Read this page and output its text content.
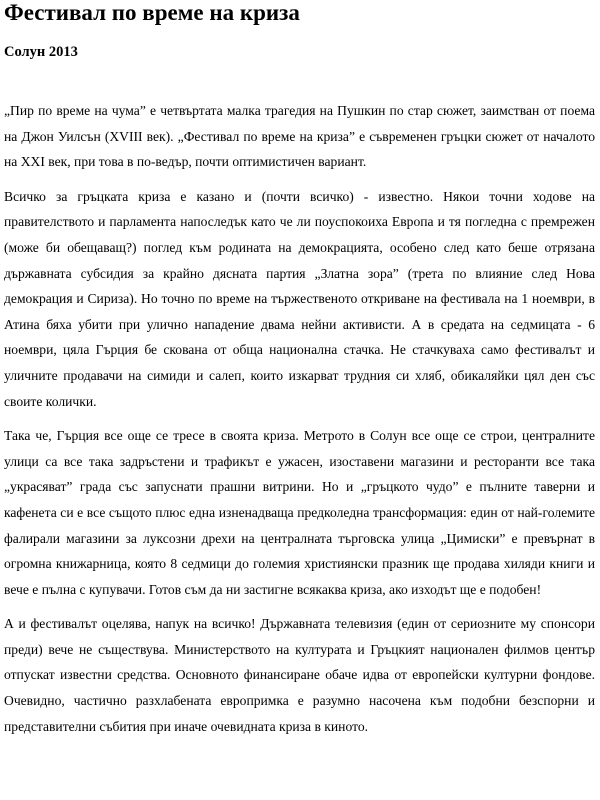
Фестивал по време на криза
Солун 2013

„Пир по време на чума” е четвъртата малка трагедия на Пушкин по стар сюжет, заимстван от поема на Джон Уилсън (XVIII век). „Фестивал по време на криза” е съвременен гръцки сюжет от началото на XXI век, при това в по-ведър, почти оптимистичен вариант.

Всичко за гръцката криза е казано и (почти всичко) - известно. Някои точни ходове на правителството и парламента напоследък като че ли поуспокоиха Европа и тя погледна с премрежен (може би обещаващ?) поглед към родината на демокрацията, особено след като беше отрязана държавната субсидия за крайно дясната партия „Златна зора” (трета по влияние след Нова демокрация и Сириза). Но точно по време на тържественото откриване на фестивала на 1 ноември, в Атина бяха убити при улично нападение двама нейни активисти. А в средата на седмицата - 6 ноември, цяла Гърция бе скована от обща национална стачка. Не стачкуваха само фестивалът и уличните продавачи на симиди и салеп, които изкарват трудния си хляб, обикаляйки цял ден със своите колички.

Така че, Гърция все още се тресе в своята криза. Метрото в Солун все още се строи, централните улици са все така задръстени и трафикът е ужасен, изоставени магазини и ресторанти все така „украсяват” града със запуснати прашни витрини. Но и „гръцкото чудо” е пълните таверни и кафенета си е все същото плюс една изненадваща предколедна трансформация: един от най-големите фалирали магазини за луксозни дрехи на централната търговска улица „Цимиски” е превърнат в огромна книжарница, която 8 седмици до големия християнски празник ще продава хиляди книги и вече е пълна с купувачи. Готов съм да ни застигне всякаква криза, ако изходът ще е подобен!

А и фестивалът оцелява, напук на всичко! Държавната телевизия (един от сериозните му спонсори преди) вече не съществува. Министерството на културата и Гръцкият национален филмов център отпускат известни средства. Основното финансиране обаче идва от европейски културни фондове. Очевидно, частично разхлабената европримка е разумно насочена към подобни безспорни и представителни събития при иначе очевидната криза в киното.
